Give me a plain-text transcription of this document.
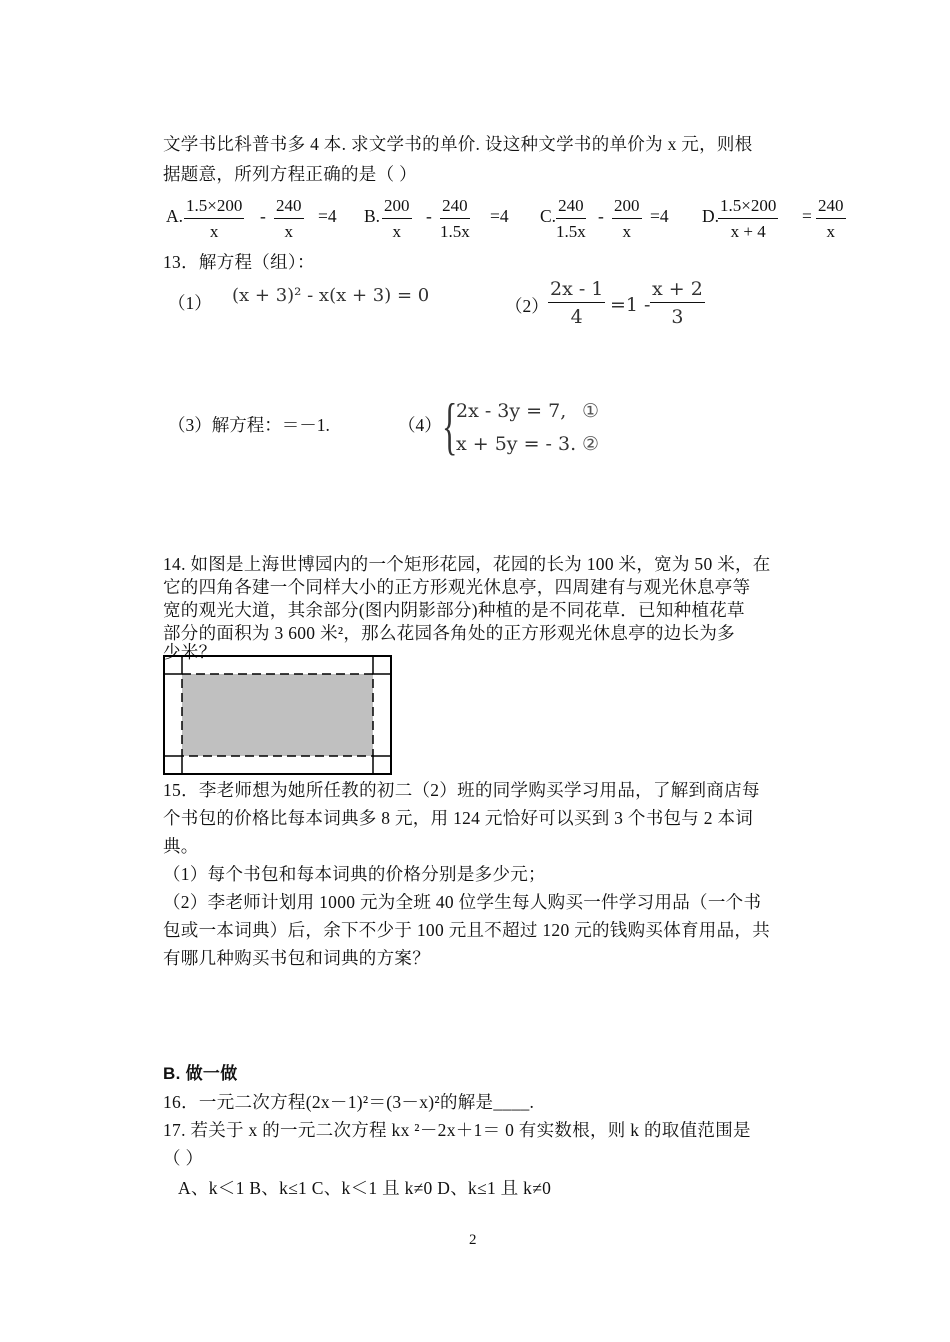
文学书比科普书多 4 本. 求文学书的单价. 设这种文学书的单价为 x 元，则根
据题意，所列方程正确的是（ ）
A. $\frac{1.5\times 200}{x} - \frac{240}{x} =4$ B. $\frac{200}{x} - \frac{240}{1.5x} =4$ C. $\frac{240}{1.5x} - \frac{200}{x} =4$ D.
$\frac{1.5\times 200}{x + 4} = \frac{240}{x}$
13．解方程（组）：
（1） (x + 3)² - x(x + 3) = 0	$(2) \frac{2x - 1}{4} =1 - \frac{x + 2}{3}$
（3）解方程：＝－1.	（4） {
2x - 3y = 7, ①
x + 5y = - 3. ②
14. 如图是上海世博园内的一个矩形花园，花园的长为 100 米，宽为 50 米，在
它的四角各建一个同样大小的正方形观光休息亭，四周建有与观光休息亭等
宽的观光大道，其余部分(图内阴影部分)种植的是不同花草．已知种植花草
部分的面积为 3 600 米²，那么花园各角处的正方形观光休息亭的边长为多
少米？
15．李老师想为她所任教的初二（2）班的同学购买学习用品，了解到商店每
个书包的价格比每本词典多 8 元，用 124 元恰好可以买到 3 个书包与 2 本词
典。
（1）每个书包和每本词典的价格分别是多少元；
（2）李老师计划用 1000 元为全班 40 位学生每人购买一件学习用品（一个书
包或一本词典）后，余下不少于 100 元且不超过 120 元的钱购买体育用品，共
有哪几种购买书包和词典的方案？
B. 做一做
16．一元二次方程(2x－1)²＝(3－x)²的解是____.
17. 若关于 x 的一元二次方程 kx ²－2x＋1＝ 0 有实数根，则 k 的取值范围是
（ ）
A、k＜1 B、k≤1 C、k＜1 且 k≠0 D、k≤1 且 k≠0
2
